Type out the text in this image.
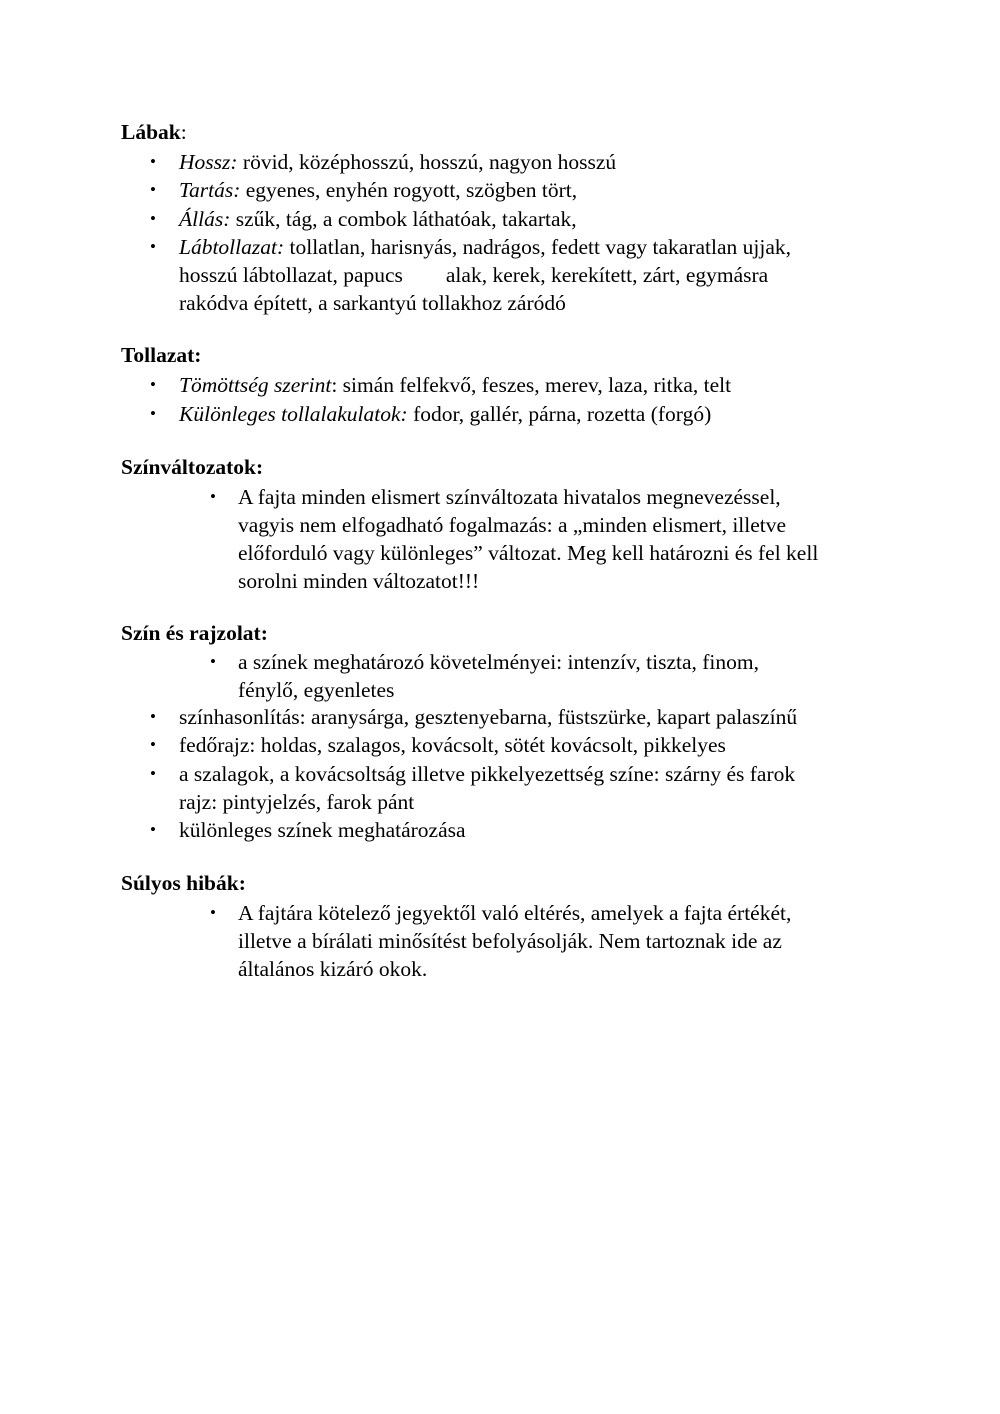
Lábak:
•	Hossz: rövid, középhosszú, hosszú, nagyon hosszú
•	Tartás: egyenes, enyhén rogyott, szögben tört,
•	Állás: szűk, tág, a combok láthatóak, takartak,
•	Lábtollazat: tollatlan, harisnyás, nadrágos, fedett vagy takaratlan ujjak,
hosszú lábtollazat, papucs        alak, kerek, kerekített, zárt, egymásra
rakódva épített, a sarkantyú tollakhoz záródó
Tollazat:
•	Tömöttség szerint: simán felfekvő, feszes, merev, laza, ritka, telt
•	Különleges tollalakulatok: fodor, gallér, párna, rozetta (forgó)
Színváltozatok:
•	A fajta minden elismert színváltozata hivatalos megnevezéssel,
vagyis nem elfogadható fogalmazás: a „minden elismert, illetve
előforduló vagy különleges” változat. Meg kell határozni és fel kell
sorolni minden változatot!!!
Szín és rajzolat:
•	a színek meghatározó követelményei: intenzív, tiszta, finom,
fénylő, egyenletes
•	színhasonlítás: aranysárga, gesztenyebarna, füstszürke, kapart palaszínű
•	fedőrajz: holdas, szalagos, kovácsolt, sötét kovácsolt, pikkelyes
•	a szalagok, a kovácsoltság illetve pikkelyezettség színe: szárny és farok
rajz: pintyjelzés, farok pánt
•	különleges színek meghatározása
Súlyos hibák:
•	A fajtára kötelező jegyektől való eltérés, amelyek a fajta értékét,
illetve a bírálati minősítést befolyásolják. Nem tartoznak ide az
általános kizáró okok.
